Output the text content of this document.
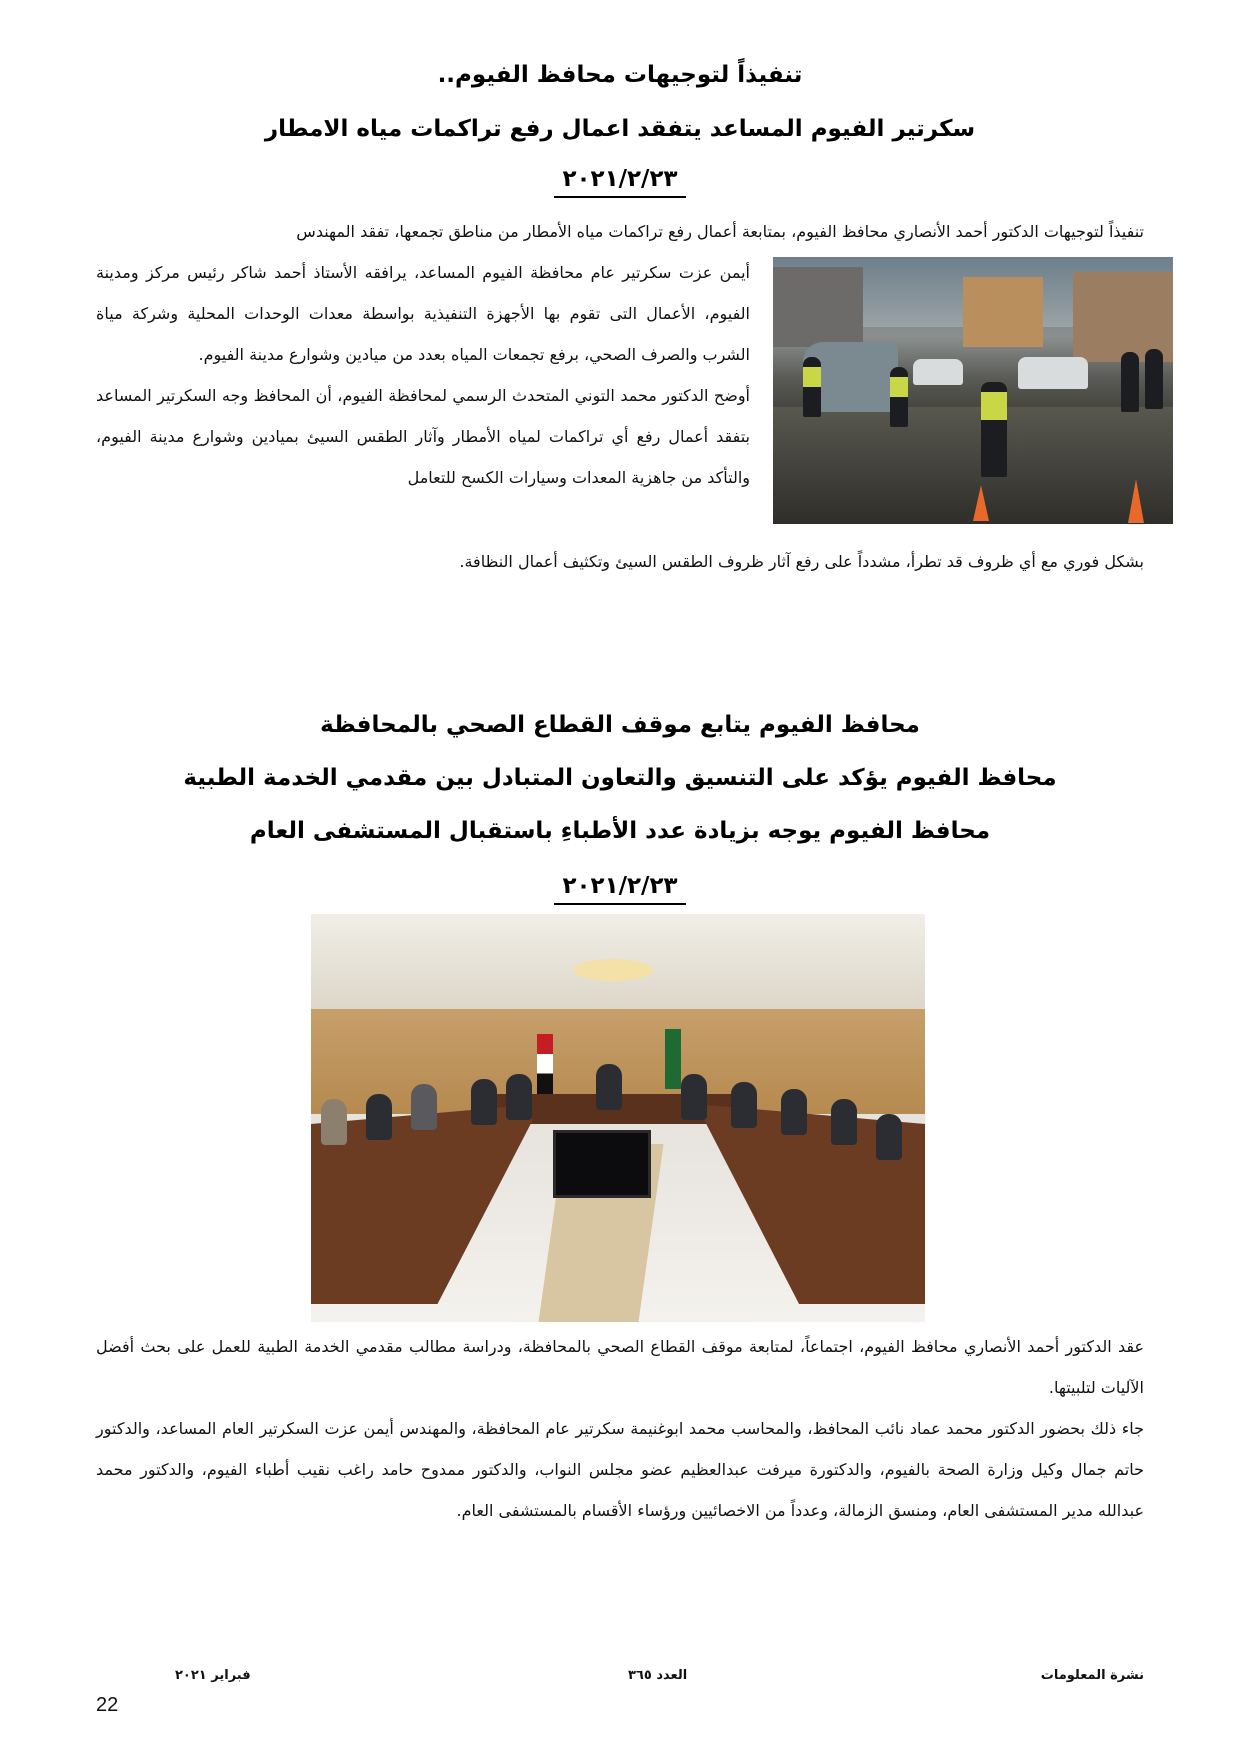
تنفيذاً لتوجيهات محافظ الفيوم..
سكرتير الفيوم المساعد يتفقد اعمال رفع تراكمات مياه الامطار
٢٠٢١/٢/٢٣

تنفيذاً لتوجيهات الدكتور أحمد الأنصاري محافظ الفيوم، بمتابعة أعمال رفع تراكمات مياه الأمطار من مناطق تجمعها، تفقد المهندس

أيمن عزت سكرتير عام محافظة الفيوم المساعد، يرافقه الأستاذ أحمد شاكر رئيس مركز ومدينة الفيوم، الأعمال التى تقوم بها الأجهزة التنفيذية بواسطة معدات الوحدات المحلية وشركة مياة الشرب والصرف الصحي، برفع تجمعات المياه بعدد من ميادين وشوارع مدينة الفيوم.

أوضح الدكتور محمد التوني المتحدث الرسمي لمحافظة الفيوم، أن المحافظ وجه السكرتير المساعد بتفقد أعمال رفع أي تراكمات لمياه الأمطار وآثار الطقس السيئ بميادين وشوارع مدينة الفيوم، والتأكد من جاهزية المعدات وسيارات الكسح للتعامل

بشكل فوري مع أي ظروف قد تطرأ، مشدداً على رفع آثار ظروف الطقس السيئ وتكثيف أعمال النظافة.

محافظ الفيوم يتابع موقف القطاع الصحي بالمحافظة
محافظ الفيوم يؤكد على التنسيق والتعاون المتبادل بين مقدمي الخدمة الطبية
محافظ الفيوم يوجه بزيادة عدد الأطباءِ باستقبال المستشفى العام
٢٠٢١/٢/٢٣

عقد الدكتور أحمد الأنصاري محافظ الفيوم، اجتماعاً، لمتابعة موقف القطاع الصحي بالمحافظة، ودراسة مطالب مقدمي الخدمة الطبية للعمل على بحث أفضل الآليات لتلبيتها.

جاء ذلك بحضور الدكتور محمد عماد نائب المحافظ، والمحاسب محمد ابوغنيمة سكرتير عام المحافظة، والمهندس أيمن عزت السكرتير العام المساعد، والدكتور حاتم جمال وكيل وزارة الصحة بالفيوم، والدكتورة ميرفت عبدالعظيم عضو مجلس النواب، والدكتور ممدوح حامد راغب نقيب أطباء الفيوم، والدكتور محمد عبدالله مدير المستشفى العام، ومنسق الزمالة، وعدداً من الاخصائيين ورؤساء الأقسام بالمستشفى العام.

نشرة المعلومات
العدد ٣٦٥
فبراير ٢٠٢١
22
